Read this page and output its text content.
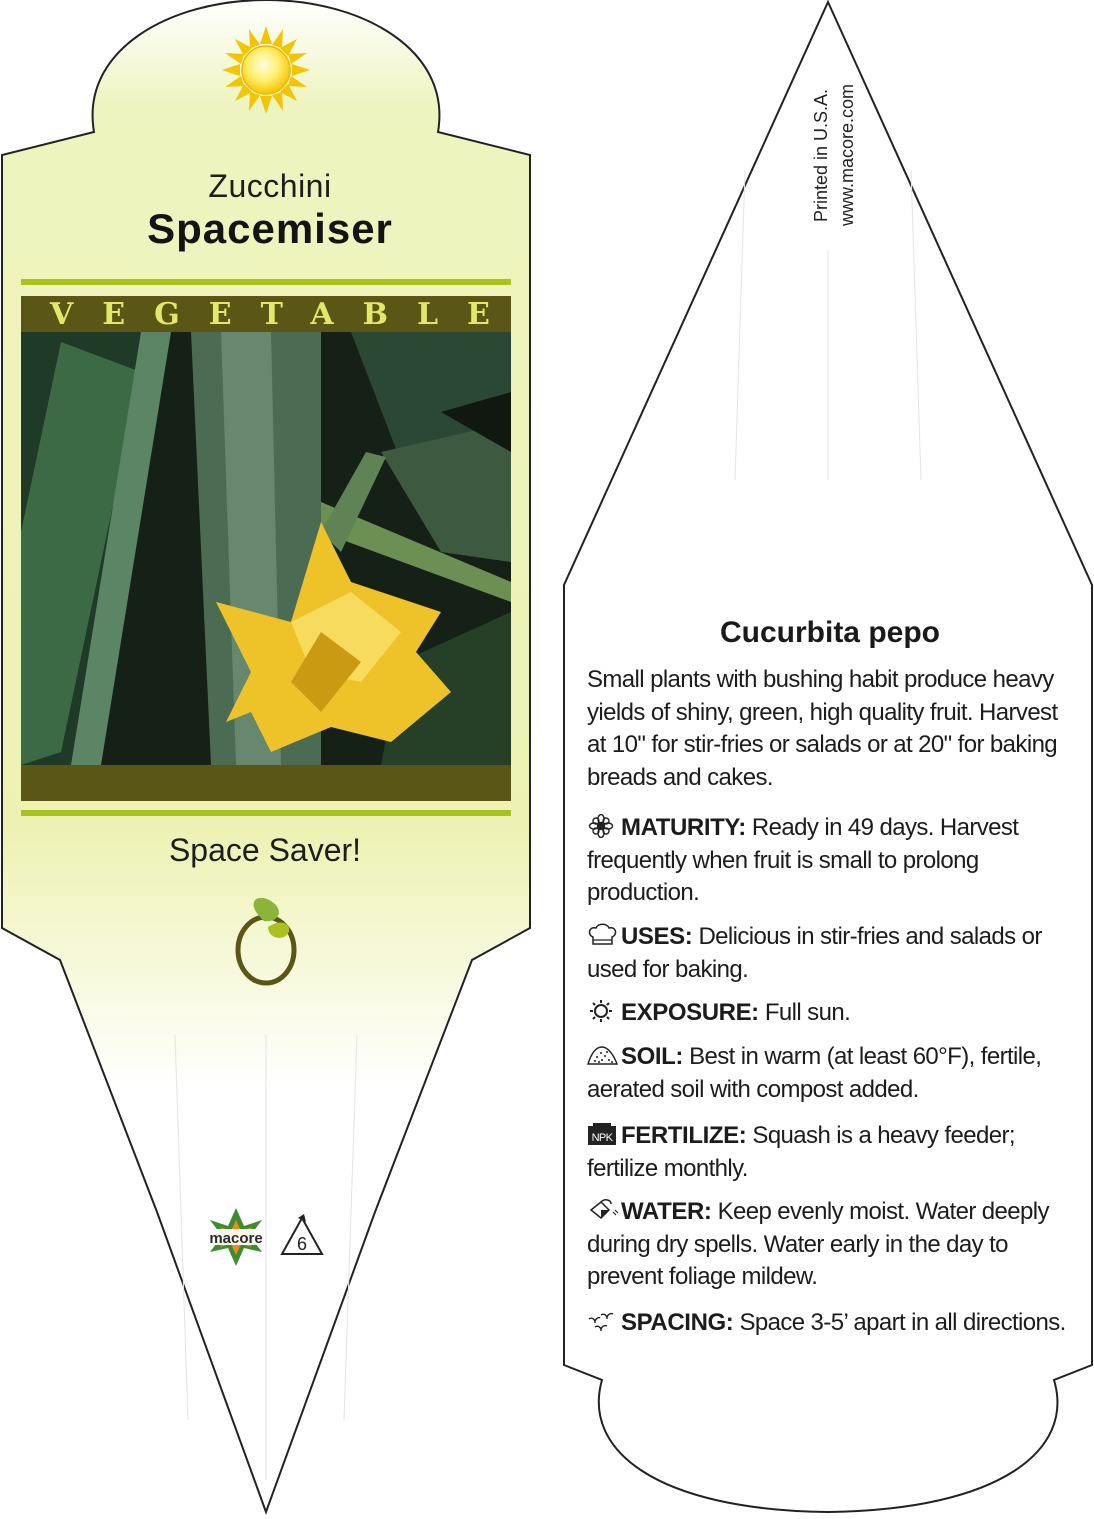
macore 6
Zucchini
Spacemiser
VEGETABLE
Space Saver!
Printed in U.S.A. www.macore.com
Cucurbita pepo
Small plants with bushing habit produce heavy yields of shiny, green, high quality fruit. Harvest at 10" for stir-fries or salads or at 20" for baking breads and cakes.
MATURITY: Ready in 49 days. Harvest frequently when fruit is small to prolong production.
USES: Delicious in stir-fries and salads or used for baking.
EXPOSURE: Full sun.
SOIL: Best in warm (at least 60°F), fertile, aerated soil with compost added.
NPK FERTILIZE: Squash is a heavy feeder; fertilize monthly.
WATER: Keep evenly moist. Water deeply during dry spells. Water early in the day to prevent foliage mildew.
SPACING: Space 3-5’ apart in all directions.
